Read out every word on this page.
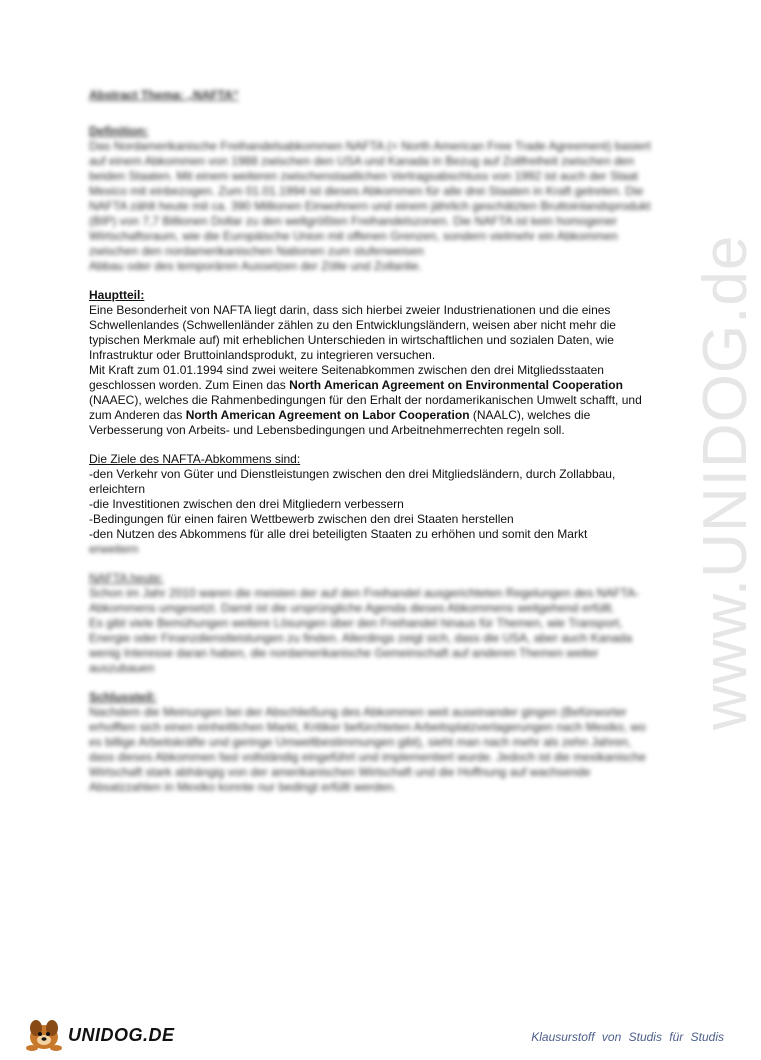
www.UNIDOG.de
Abstract Thema: „NAFTA“
Definition:
Das Nordamerikanische Freihandelsabkommen NAFTA (= North American Free Trade Agreement) basiert auf einem Abkommen von 1988 zwischen den USA und Kanada in Bezug auf Zollfreiheit zwischen den beiden Staaten. Mit einem weiteren zwischenstaatlichen Vertragsabschluss von 1992 ist auch der Staat Mexico mit einbezogen. Zum 01.01.1994 ist dieses Abkommen für alle drei Staaten in Kraft getreten. Die NAFTA zählt heute mit ca. 390 Millionen Einwohnern und einem jährlich geschätzten Bruttoinlandsprodukt (BIP) von 7,7 Billionen Dollar zu den weltgrößten Freihandelszonen. Die NAFTA ist kein homogener Wirtschaftsraum, wie die Europäische Union mit offenen Grenzen, sondern vielmehr ein Abkommen zwischen den nordamerikanischen Nationen zum stufenweisen
Abbau oder des temporären Aussetzen der Zölle und Zollanlie.
Hauptteil:
Eine Besonderheit von NAFTA liegt darin, dass sich hierbei zweier Industrienationen und die eines Schwellenlandes (Schwellenländer zählen zu den Entwicklungsländern, weisen aber nicht mehr die typischen Merkmale auf) mit erheblichen Unterschieden in wirtschaftlichen und sozialen Daten, wie Infrastruktur oder Bruttoinlandsprodukt, zu integrieren versuchen.
Mit Kraft zum 01.01.1994 sind zwei weitere Seitenabkommen zwischen den drei Mitgliedsstaaten geschlossen worden. Zum Einen das North American Agreement on Environmental Cooperation (NAAEC), welches die Rahmenbedingungen für den Erhalt der nordamerikanischen Umwelt schafft, und zum Anderen das North American Agreement on Labor Cooperation (NAALC), welches die Verbesserung von Arbeits- und Lebensbedingungen und Arbeitnehmerrechten regeln soll.
Die Ziele des NAFTA-Abkommens sind:
-den Verkehr von Güter und Dienstleistungen zwischen den drei Mitgliedsländern, durch Zollabbau, erleichtern
-die Investitionen zwischen den drei Mitgliedern verbessern
-Bedingungen für einen fairen Wettbewerb zwischen den drei Staaten herstellen
-den Nutzen des Abkommens für alle drei beteiligten Staaten zu erhöhen und somit den Markt
erweitern
NAFTA heute:
Schon im Jahr 2010 waren die meisten der auf den Freihandel ausgerichteten Regelungen des NAFTA-Abkommens umgesetzt. Damit ist die ursprüngliche Agenda dieses Abkommens weitgehend erfüllt.
Es gibt viele Bemühungen weitere Lösungen über den Freihandel hinaus für Themen, wie Transport, Energie oder Finanzdienstleistungen zu finden. Allerdings zeigt sich, dass die USA, aber auch Kanada wenig Interesse daran haben, die nordamerikanische Gemeinschaft auf anderen Themen weiter auszubauen
Schlussteil:
Nachdem die Meinungen bei der Abschließung des Abkommen weit auseinander gingen (Befürworter erhofften sich einen einheitlichen Markt, Kritiker befürchteten Arbeitsplatzverlagerungen nach Mexiko, wo es billige Arbeitskräfte und geringe Umweltbestimmungen gibt), sieht man nach mehr als zehn Jahren, dass dieses Abkommen fast vollständig eingeführt und implementiert wurde. Jedoch ist die mexikanische Wirtschaft stark abhängig von der amerikanischen Wirtschaft und die Hoffnung auf wachsende Absatzzahlen in Mexiko konnte nur bedingt erfüllt werden.
UNIDOG.DE	Klausurstoff von Studis für Studis
